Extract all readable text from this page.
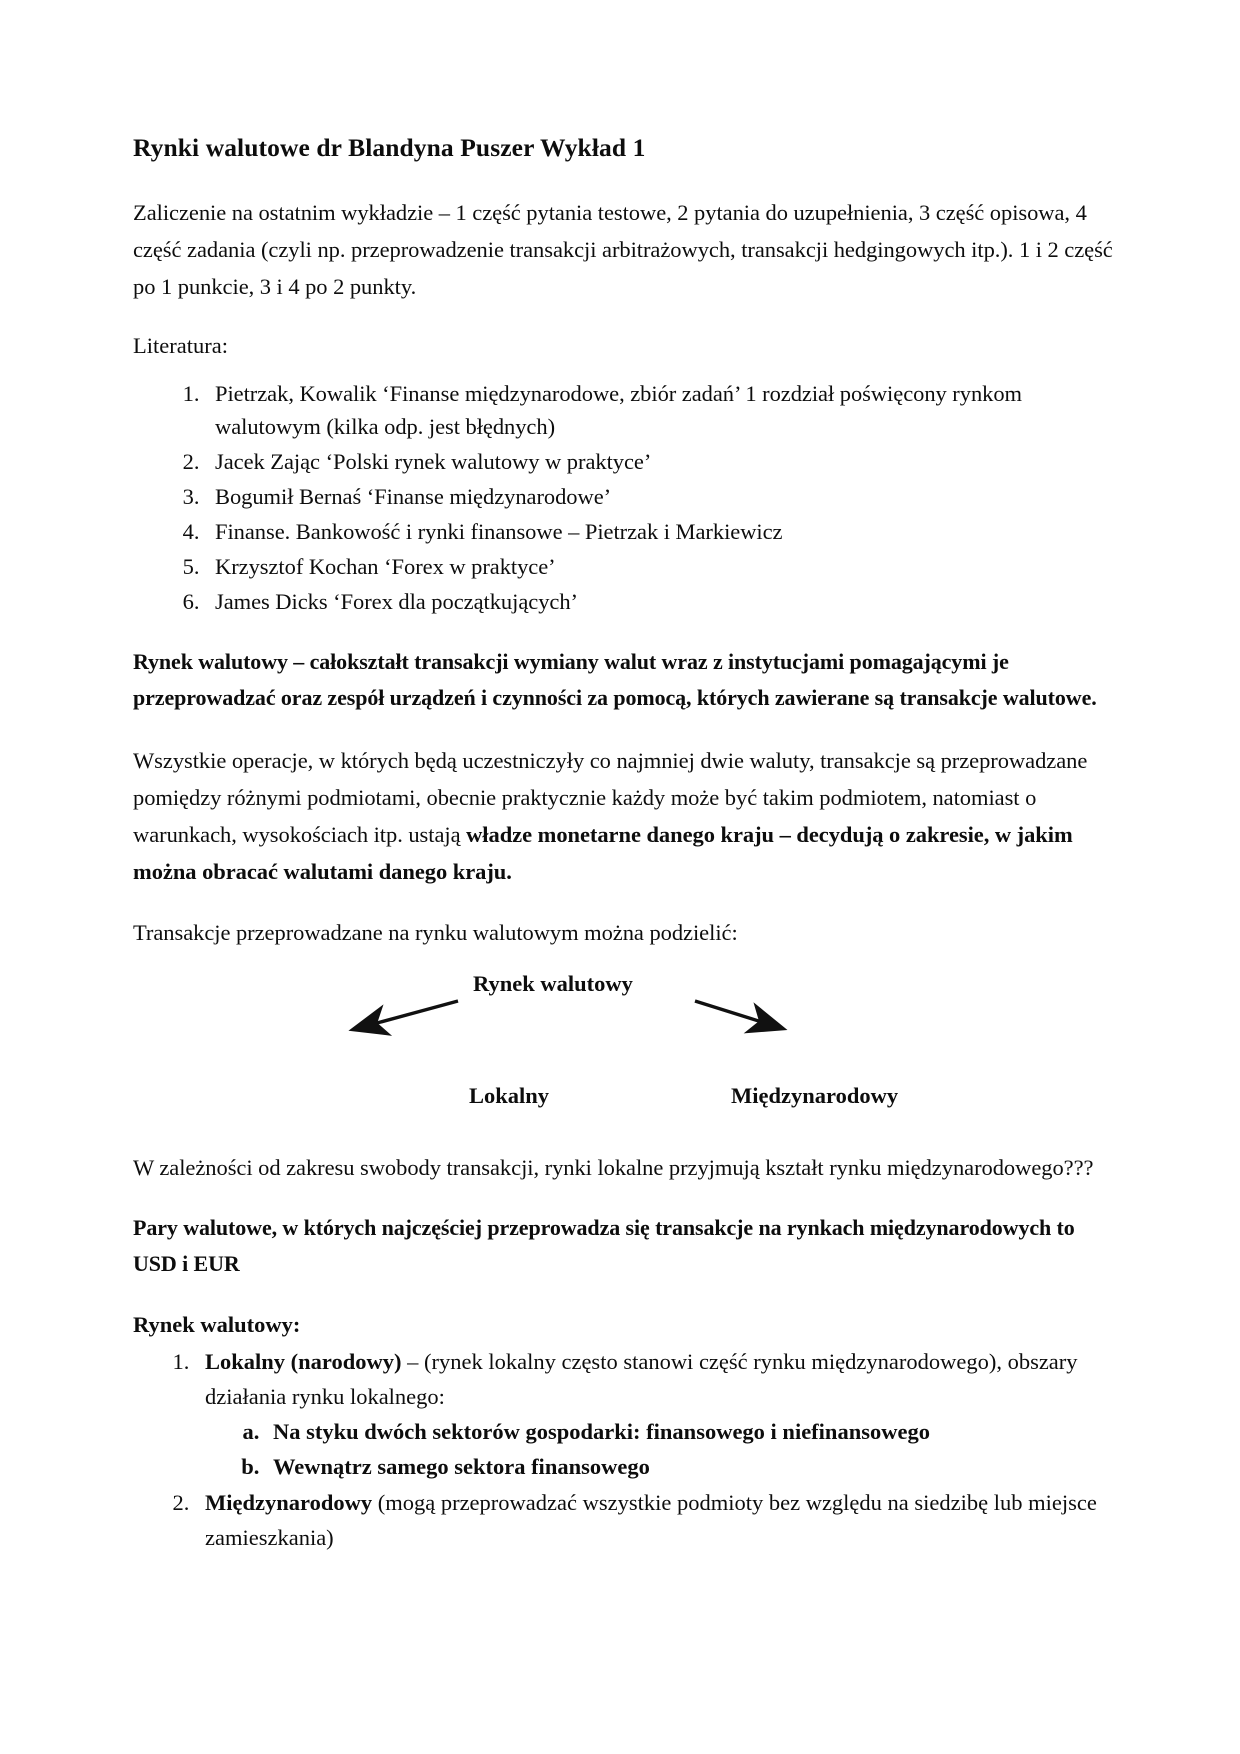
Rynki walutowe dr Blandyna Puszer Wykład 1

Zaliczenie na ostatnim wykładzie – 1 część pytania testowe, 2 pytania do uzupełnienia, 3 część opisowa, 4 część zadania (czyli np. przeprowadzenie transakcji arbitrażowych, transakcji hedgingowych itp.). 1 i 2 część po 1 punkcie, 3 i 4 po 2 punkty.

Literatura:

1. Pietrzak, Kowalik ‘Finanse międzynarodowe, zbiór zadań’ 1 rozdział poświęcony rynkom walutowym (kilka odp. jest błędnych)
2. Jacek Zając ‘Polski rynek walutowy w praktyce’
3. Bogumił Bernaś ‘Finanse międzynarodowe’
4. Finanse. Bankowość i rynki finansowe – Pietrzak i Markiewicz
5. Krzysztof Kochan ‘Forex w praktyce’
6. James Dicks ‘Forex dla początkujących’

Rynek walutowy – całokształt transakcji wymiany walut wraz z instytucjami pomagającymi je przeprowadzać oraz zespół urządzeń i czynności za pomocą, których zawierane są transakcje walutowe.

Wszystkie operacje, w których będą uczestniczyły co najmniej dwie waluty, transakcje są przeprowadzane pomiędzy różnymi podmiotami, obecnie praktycznie każdy może być takim podmiotem, natomiast o warunkach, wysokościach itp. ustają władze monetarne danego kraju – decydują o zakresie, w jakim można obracać walutami danego kraju.

Transakcje przeprowadzane na rynku walutowym można podzielić:

Rynek walutowy
Lokalny	Międzynarodowy

W zależności od zakresu swobody transakcji, rynki lokalne przyjmują kształt rynku międzynarodowego???

Pary walutowe, w których najczęściej przeprowadza się transakcje na rynkach międzynarodowych to USD i EUR

Rynek walutowy:

1. Lokalny (narodowy) – (rynek lokalny często stanowi część rynku międzynarodowego), obszary działania rynku lokalnego:
a. Na styku dwóch sektorów gospodarki: finansowego i niefinansowego
b. Wewnątrz samego sektora finansowego
2. Międzynarodowy (mogą przeprowadzać wszystkie podmioty bez względu na siedzibę lub miejsce zamieszkania)
